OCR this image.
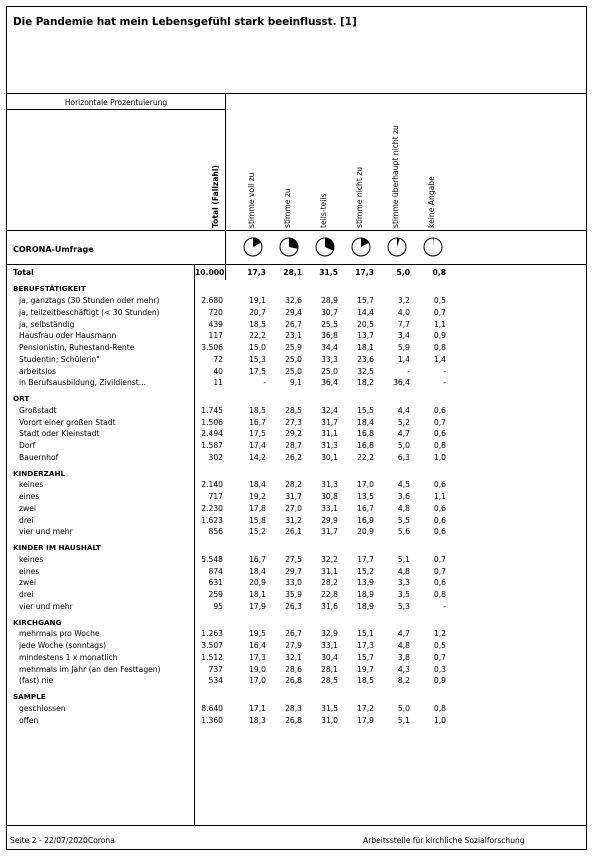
Die Pandemie hat mein Lebensgefühl stark beeinflusst. [1]
Horizontale Prozentuierung
Total (Fallzahl)	stimme voll zu	stimme zu	teils-teils	stimme nicht zu	stimme überhaupt nicht zu	keine Angabe
CORONA-Umfrage
Total	10.000	17,3	28,1	31,5	17,3	5,0	0,8
BERUFSTÄTIGKEIT
ja, ganztags (30 Stunden oder mehr)	2.680	19,1	32,6	28,9	15,7	3,2	0,5
ja, teilzeitbeschäftigt (< 30 Stunden)	720	20,7	29,4	30,7	14,4	4,0	0,7
ja, selbständig	439	18,5	26,7	25,5	20,5	7,7	1,1
Hausfrau oder Hausmann	117	22,2	23,1	36,8	13,7	3,4	0,9
Pensionistin, Ruhestand-Rente	3.506	15,0	25,9	34,4	18,1	5,9	0,8
Studentin; Schülerin"	72	15,3	25,0	33,3	23,6	1,4	1,4
arbeitslos	40	17,5	25,0	25,0	32,5	-	-
in Berufsausbildung, Zivildienst...	11	-	9,1	36,4	18,2	36,4	-
ORT
Großstadt	1.745	18,5	28,5	32,4	15,5	4,4	0,6
Vorort einer großen Stadt	1.506	16,7	27,3	31,7	18,4	5,2	0,7
Stadt oder Kleinstadt	2.494	17,5	29,2	31,1	16,8	4,7	0,6
Dorf	1.587	17,4	28,7	31,3	16,8	5,0	0,8
Bauernhof	302	14,2	26,2	30,1	22,2	6,3	1,0
KINDERZAHL
keines	2.140	18,4	28,2	31,3	17,0	4,5	0,6
eines	717	19,2	31,7	30,8	13,5	3,6	1,1
zwei	2.230	17,8	27,0	33,1	16,7	4,8	0,6
drei	1.623	15,8	31,2	29,9	16,9	5,5	0,6
vier und mehr	856	15,2	26,1	31,7	20,9	5,6	0,6
KINDER IM HAUSHALT
keines	5.548	16,7	27,5	32,2	17,7	5,1	0,7
eines	874	18,4	29,7	31,1	15,2	4,8	0,7
zwei	631	20,9	33,0	28,2	13,9	3,3	0,6
drei	259	18,1	35,9	22,8	18,9	3,5	0,8
vier und mehr	95	17,9	26,3	31,6	18,9	5,3	-
KIRCHGANG
mehrmals pro Woche	1.263	19,5	26,7	32,9	15,1	4,7	1,2
jede Woche (sonntags)	3.507	16,4	27,9	33,1	17,3	4,8	0,5
mindestens 1 x monatlich	1.512	17,3	32,1	30,4	15,7	3,8	0,7
mehrmals im Jahr (an den Festtagen)	737	19,0	28,6	28,1	19,7	4,3	0,3
(fast) nie	534	17,0	26,8	28,5	18,5	8,2	0,9
SAMPLE
geschlossen	8.640	17,1	28,3	31,5	17,2	5,0	0,8
offen	1.360	18,3	26,8	31,0	17,9	5,1	1,0
Seite 2 - 22/07/2020Corona	Arbeitsstelle für kirchliche Sozialforschung
